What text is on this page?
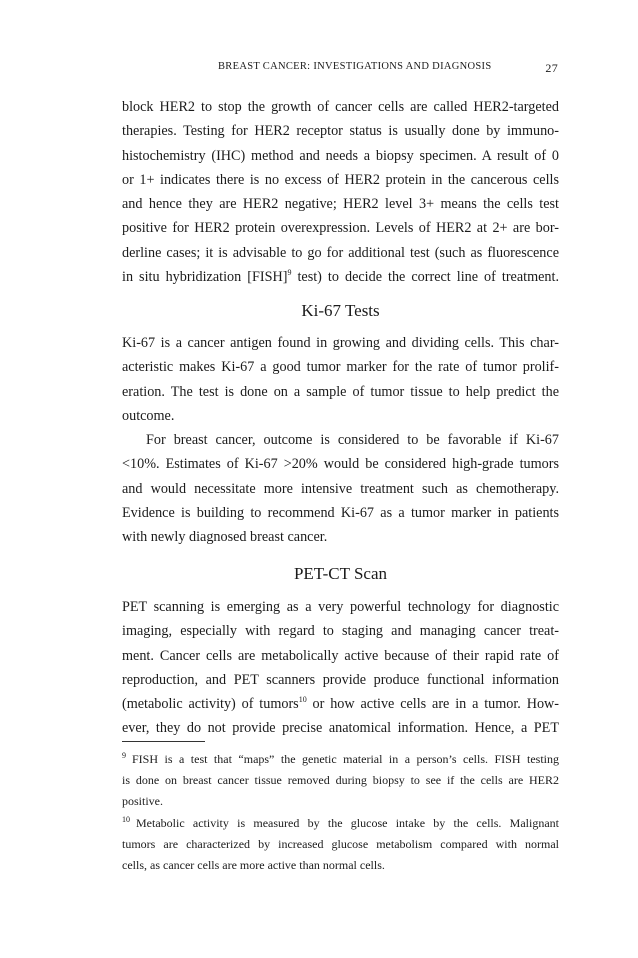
BREAST CANCER: INVESTIGATIONS AND DIAGNOSIS	27

block HER2 to stop the growth of cancer cells are called HER2-targeted
therapies. Testing for HER2 receptor status is usually done by immuno-
histochemistry (IHC) method and needs a biopsy specimen. A result of 0
or 1+ indicates there is no excess of HER2 protein in the cancerous cells
and hence they are HER2 negative; HER2 level 3+ means the cells test
positive for HER2 protein overexpression. Levels of HER2 at 2+ are bor-
derline cases; it is advisable to go for additional test (such as fluorescence
in situ hybridization [FISH]$^9$ test) to decide the correct line of treatment.

Ki-67 Tests

Ki-67 is a cancer antigen found in growing and dividing cells. This char-
acteristic makes Ki-67 a good tumor marker for the rate of tumor prolif-
eration. The test is done on a sample of tumor tissue to help predict the
outcome.

For breast cancer, outcome is considered to be favorable if Ki-67
<10%. Estimates of Ki-67 >20% would be considered high-grade tumors
and would necessitate more intensive treatment such as chemotherapy.
Evidence is building to recommend Ki-67 as a tumor marker in patients
with newly diagnosed breast cancer.

PET-CT Scan

PET scanning is emerging as a very powerful technology for diagnostic
imaging, especially with regard to staging and managing cancer treat-
ment. Cancer cells are metabolically active because of their rapid rate of
reproduction, and PET scanners provide produce functional information
(metabolic activity) of tumors$^{10}$ or how active cells are in a tumor. How-
ever, they do not provide precise anatomical information. Hence, a PET

$^9$ FISH is a test that “maps” the genetic material in a person’s cells. FISH testing
is done on breast cancer tissue removed during biopsy to see if the cells are HER2
positive.
$^{10}$ Metabolic activity is measured by the glucose intake by the cells. Malignant
tumors are characterized by increased glucose metabolism compared with normal
cells, as cancer cells are more active than normal cells.
